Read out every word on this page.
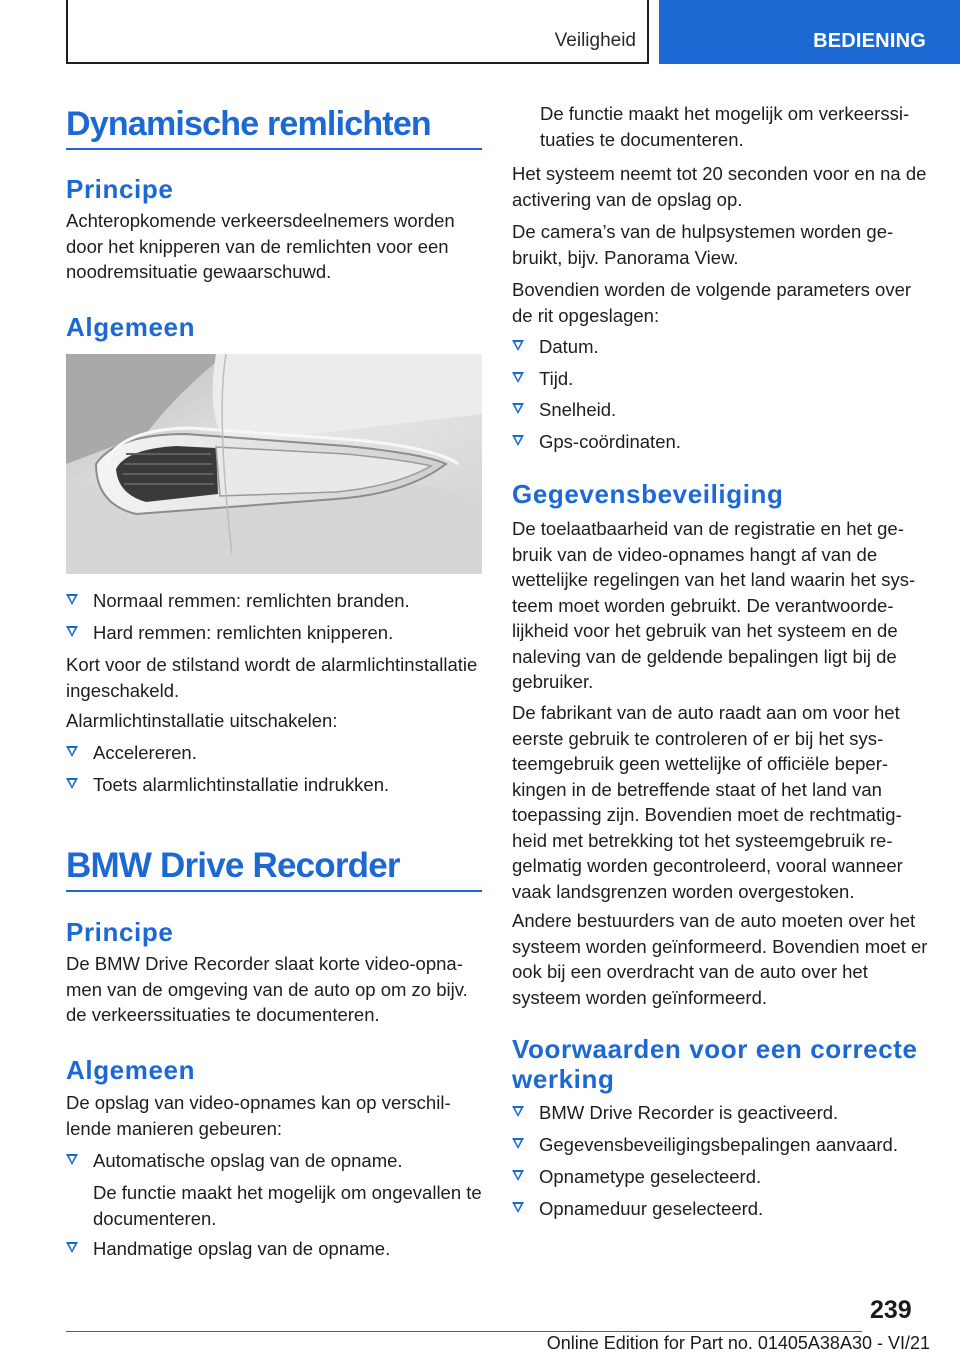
Veiligheid	BEDIENING
Dynamische remlichten
Principe

Achteropkomende verkeersdeelnemers worden door het knipperen van de remlichten voor een noodremsituatie gewaarschuwd.

Algemeen
Normaal remmen: remlichten branden.
Hard remmen: remlichten knipperen.

Kort voor de stilstand wordt de alarmlichtinstallatie ingeschakeld.

Alarmlichtinstallatie uitschakelen:

Accelereren.
Toets alarmlichtinstallatie indrukken.
BMW Drive Recorder
Principe

De BMW Drive Recorder slaat korte video-opnamen van de omgeving van de auto op om zo bijv. de verkeerssituaties te documenteren.

Algemeen

De opslag van video-opnames kan op verschillende manieren gebeuren:

Automatische opslag van de opname.

De functie maakt het mogelijk om ongevallen te documenteren.

Handmatige opslag van de opname.

De functie maakt het mogelijk om verkeerssituaties te documenteren.

Het systeem neemt tot 20 seconden voor en na de activering van de opslag op.

De camera’s van de hulpsystemen worden gebruikt, bijv. Panorama View.

Bovendien worden de volgende parameters over de rit opgeslagen:

Datum.
Tijd.
Snelheid.
Gps-coördinaten.
Gegevensbeveiliging

De toelaatbaarheid van de registratie en het gebruik van de video-opnames hangt af van de wettelijke regelingen van het land waarin het systeem moet worden gebruikt. De verantwoordelijkheid voor het gebruik van het systeem en de naleving van de geldende bepalingen ligt bij de gebruiker.

De fabrikant van de auto raadt aan om voor het eerste gebruik te controleren of er bij het systeemgebruik geen wettelijke of officiële beperkingen in de betreffende staat of het land van toepassing zijn. Bovendien moet de rechtmatigheid met betrekking tot het systeemgebruik regelmatig worden gecontroleerd, vooral wanneer vaak landsgrenzen worden overgestoken.

Andere bestuurders van de auto moeten over het systeem worden geïnformeerd. Bovendien moet er ook bij een overdracht van de auto over het systeem worden geïnformeerd.

Voorwaarden voor een correcte
werking
BMW Drive Recorder is geactiveerd.
Gegevensbeveiligingsbepalingen aanvaard.
Opnametype geselecteerd.
Opnameduur geselecteerd.
239
Online Edition for Part no. 01405A38A30 - VI/21
